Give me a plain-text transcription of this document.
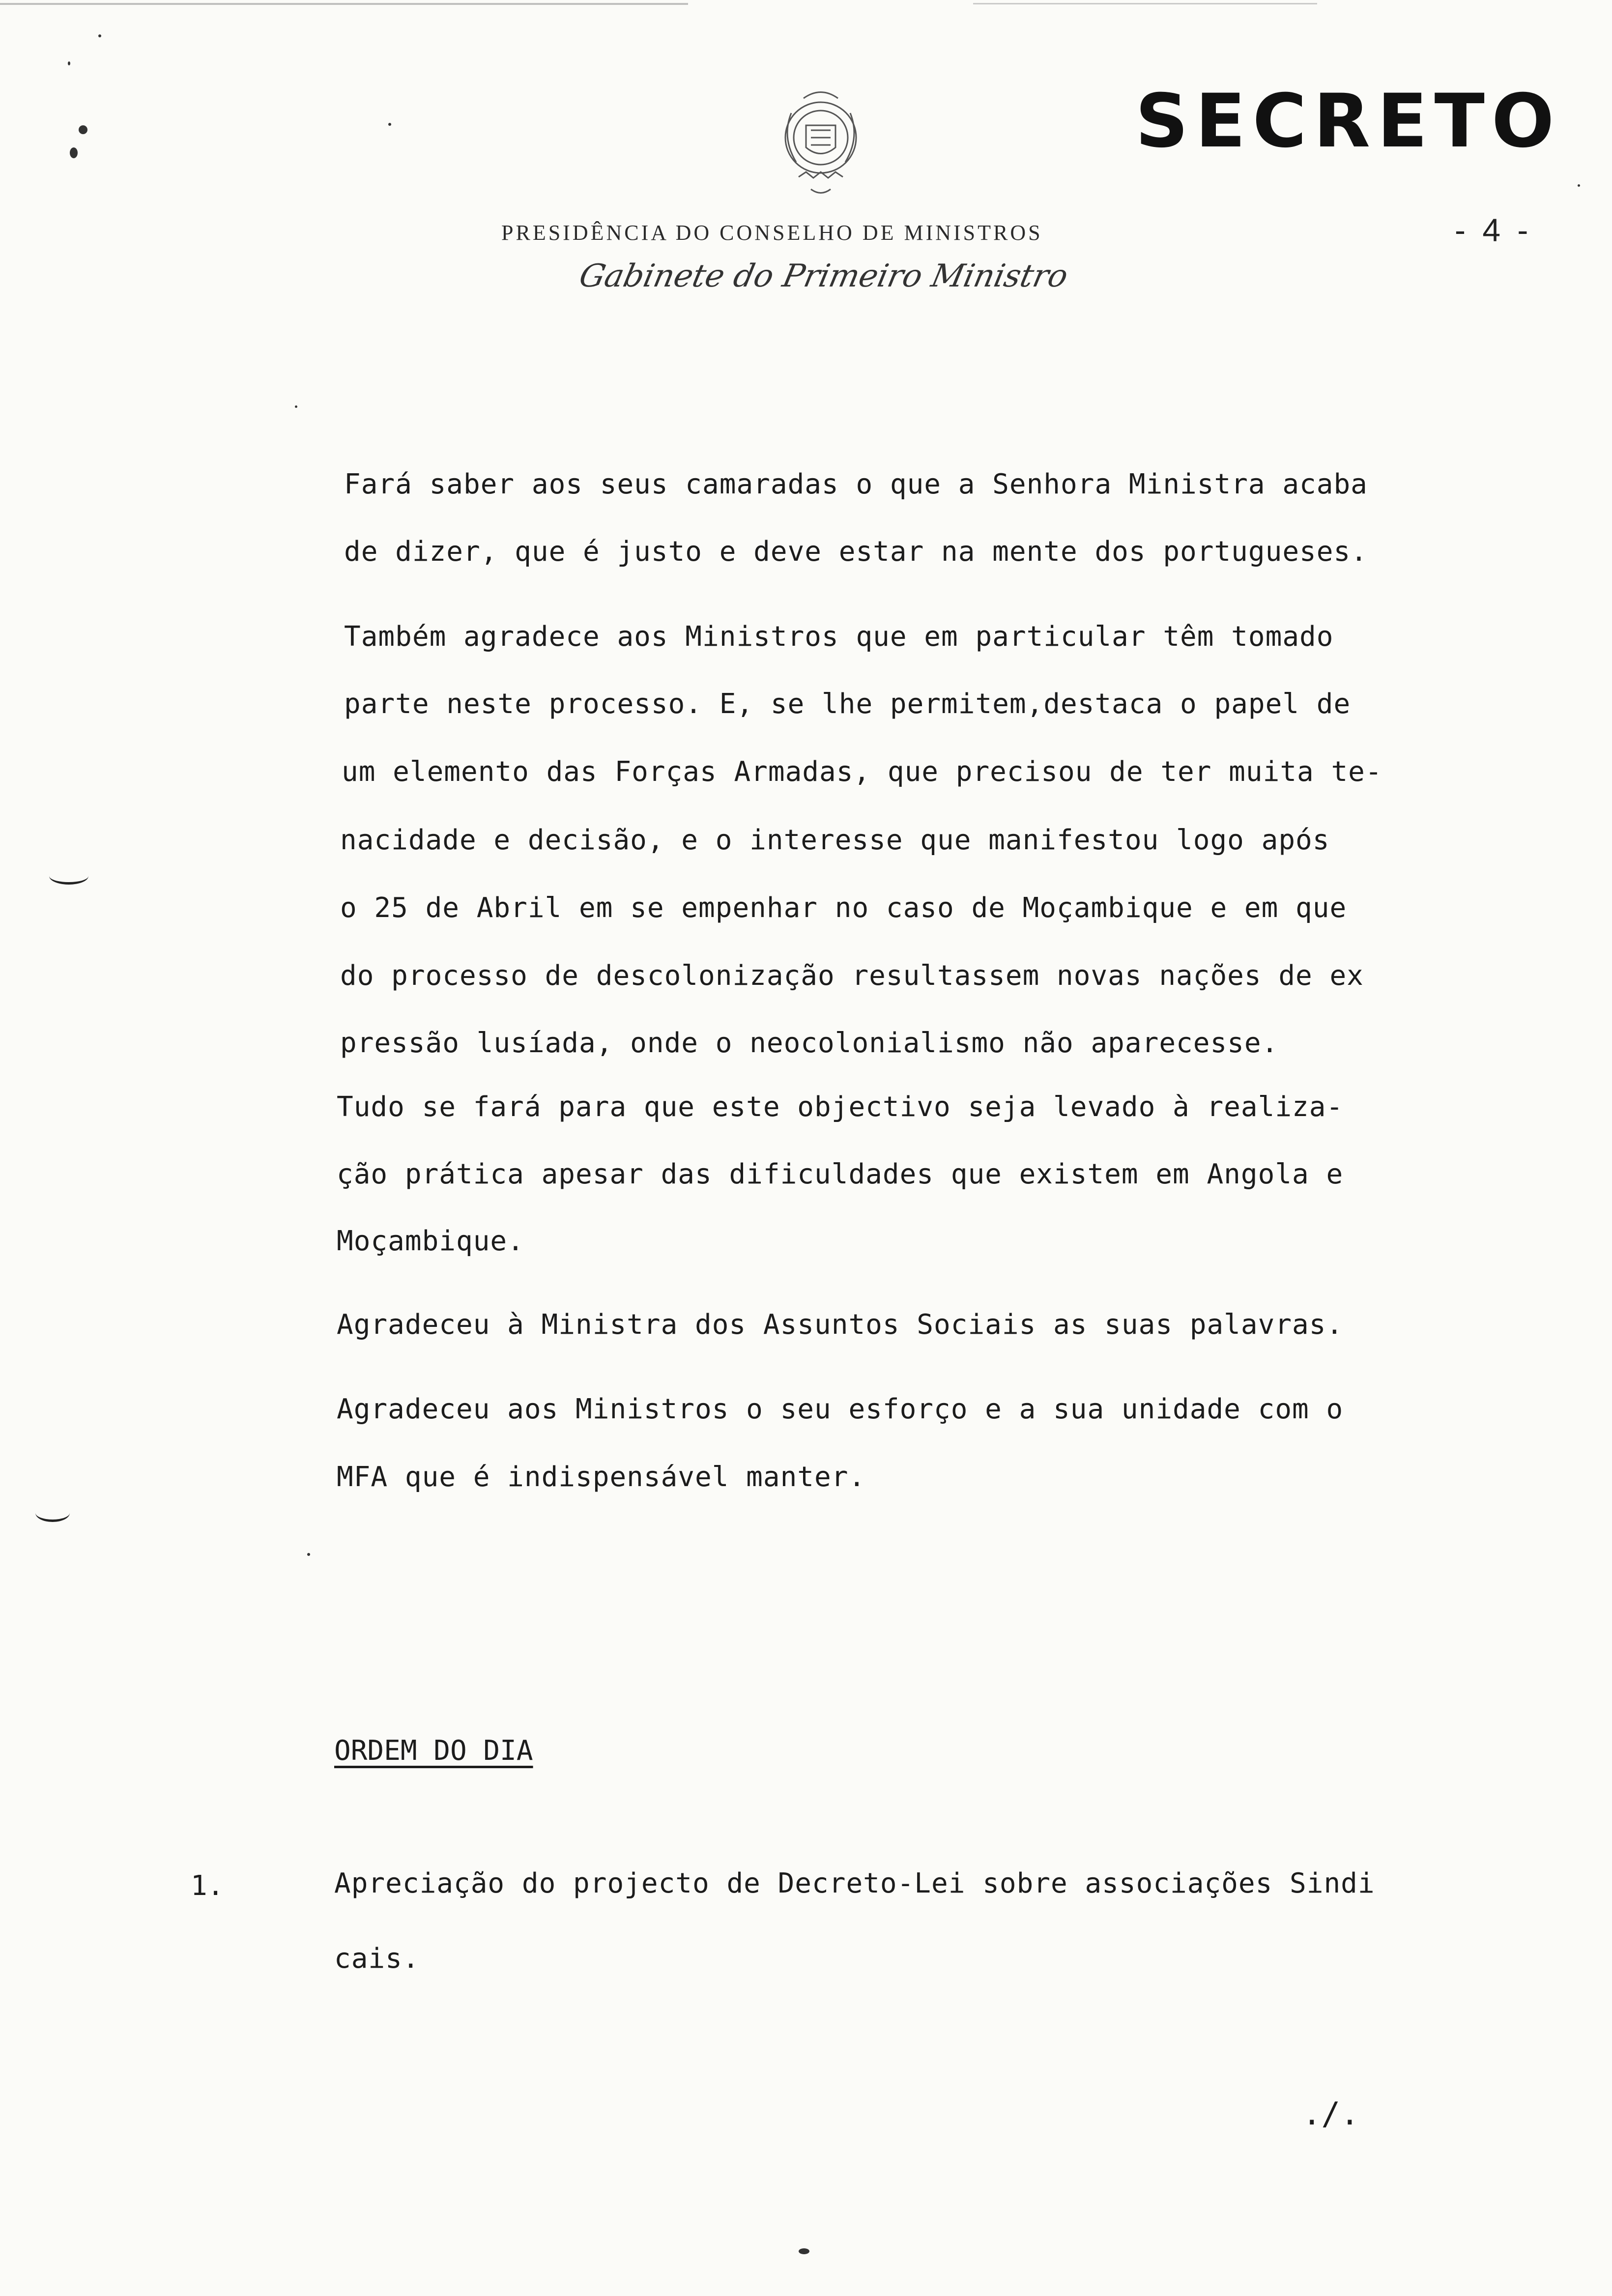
SECRETO
- 4 -
PRESIDÊNCIA DO CONSELHO DE MINISTROS
Gabinete do Primeiro Ministro
Fará saber aos seus camaradas o que a Senhora Ministra acaba
de dizer, que é justo e deve estar na mente dos portugueses.
Também agradece aos Ministros que em particular têm tomado
parte neste processo. E, se lhe permitem,destaca o papel de
um elemento das Forças Armadas, que precisou de ter muita te-
nacidade e decisão, e o interesse que manifestou logo após
o 25 de Abril em se empenhar no caso de Moçambique e em que
do processo de descolonização resultassem novas nações de ex
pressão lusíada, onde o neocolonialismo não aparecesse.
Tudo se fará para que este objectivo seja levado à realiza-
ção prática apesar das dificuldades que existem em Angola e
Moçambique.
Agradeceu à Ministra dos Assuntos Sociais as suas palavras.
Agradeceu aos Ministros o seu esforço e a sua unidade com o
MFA que é indispensável manter.
ORDEM DO DIA
1.	Apreciação do projecto de Decreto-Lei sobre associações Sindi
cais.
./.
